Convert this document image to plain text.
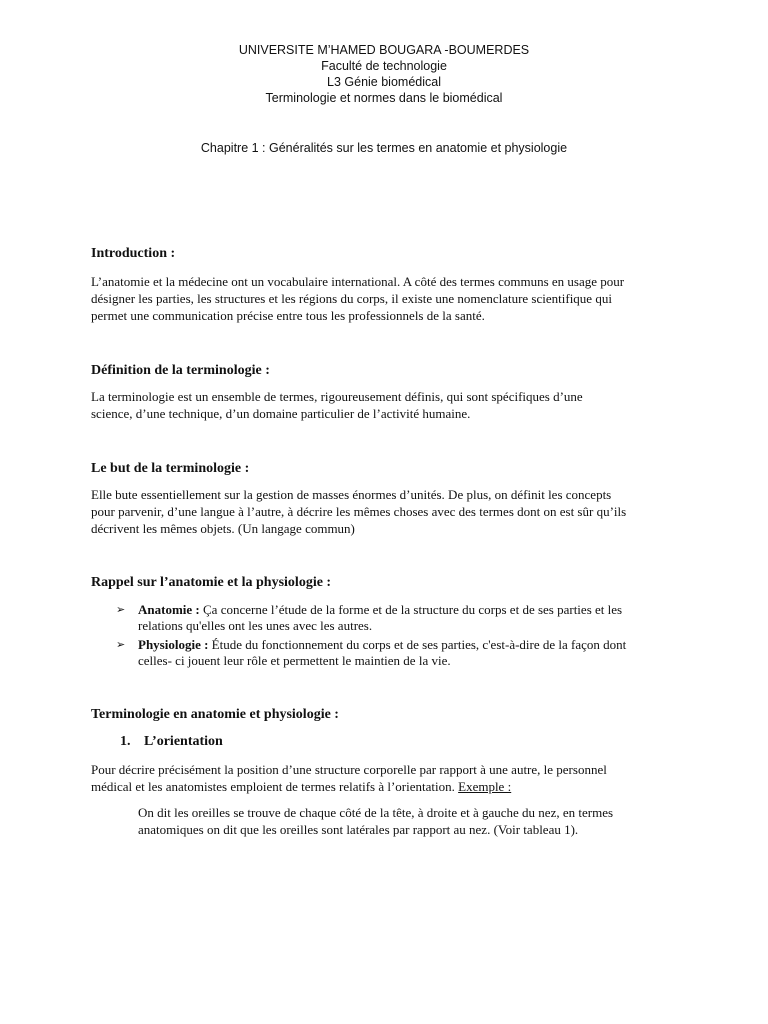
UNIVERSITE M’HAMED BOUGARA -BOUMERDES
Faculté de technologie
L3 Génie biomédical
Terminologie et normes dans le biomédical
Chapitre 1 : Généralités sur les termes en anatomie et physiologie
Introduction :
L’anatomie et la médecine ont un vocabulaire international. A côté des termes communs en usage pour
désigner les parties, les structures et les régions du corps, il existe une nomenclature scientifique qui
permet une communication précise entre tous les professionnels de la santé.
Définition de la terminologie :
La terminologie est un ensemble de termes, rigoureusement définis, qui sont spécifiques d’une
science, d’une technique, d’un domaine particulier de l’activité humaine.
Le but de la terminologie :
Elle bute essentiellement sur la gestion de masses énormes d’unités. De plus, on définit les concepts
pour parvenir, d’une langue à l’autre, à décrire les mêmes choses avec des termes dont on est sûr qu’ils
décrivent les mêmes objets. (Un langage commun)
Rappel sur l’anatomie et la physiologie :
➢ Anatomie : Ça concerne l’étude de la forme et de la structure du corps et de ses parties et les
relations qu'elles ont les unes avec les autres.
➢ Physiologie : Étude du fonctionnement du corps et de ses parties, c'est-à-dire de la façon dont
celles- ci jouent leur rôle et permettent le maintien de la vie.
Terminologie en anatomie et physiologie :
1. L’orientation
Pour décrire précisément la position d’une structure corporelle par rapport à une autre, le personnel
médical et les anatomistes emploient de termes relatifs à l’orientation. Exemple :
On dit les oreilles se trouve de chaque côté de la tête, à droite et à gauche du nez, en termes
anatomiques on dit que les oreilles sont latérales par rapport au nez. (Voir tableau 1).
